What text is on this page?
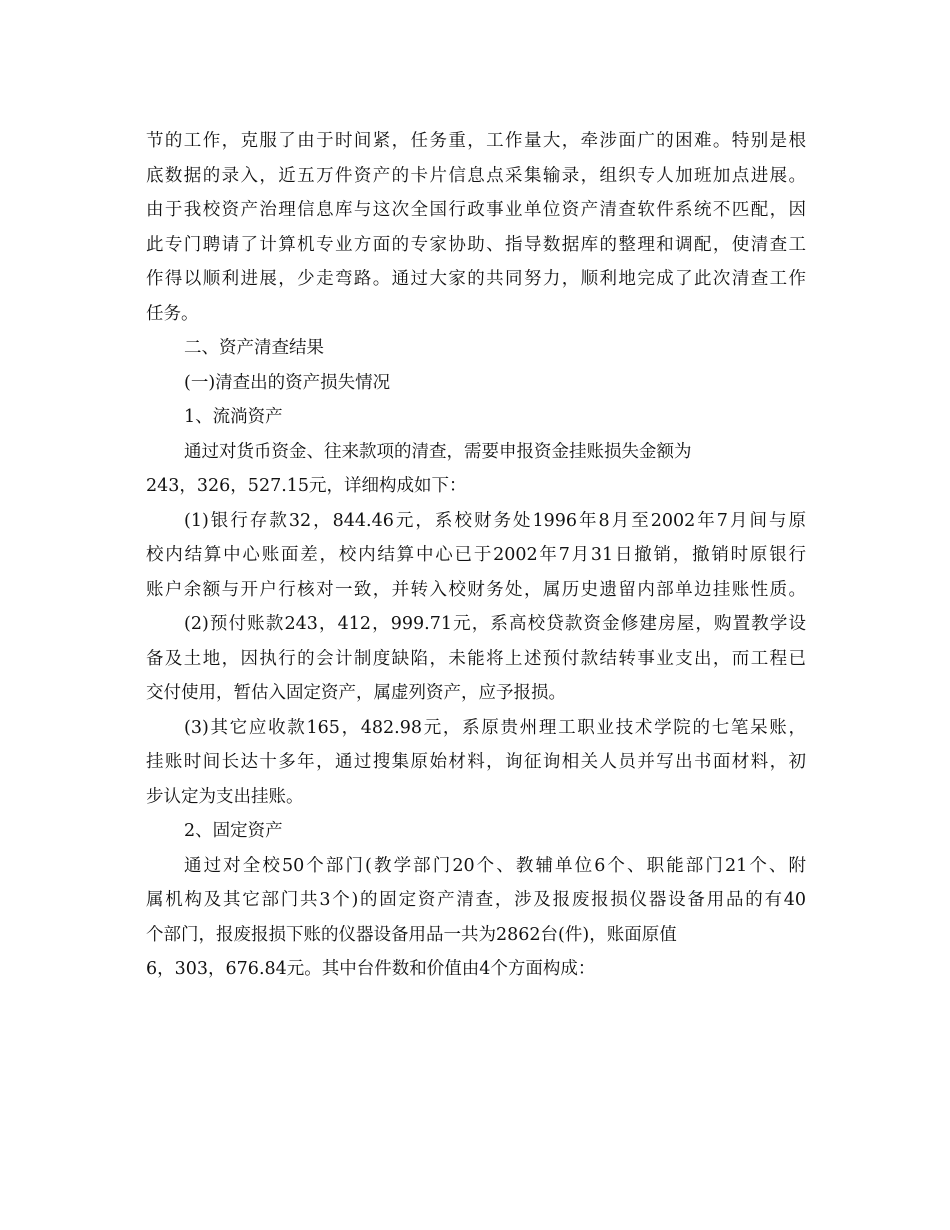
节的工作，克服了由于时间紧，任务重，工作量大，牵涉面广的困难。特别是根
底数据的录入，近五万件资产的卡片信息点采集输录，组织专人加班加点进展。
由于我校资产治理信息库与这次全国行政事业单位资产清查软件系统不匹配，因
此专门聘请了计算机专业方面的专家协助、指导数据库的整理和调配，使清查工
作得以顺利进展，少走弯路。通过大家的共同努力，顺利地完成了此次清查工作
任务。
二、资产清查结果
(一)清查出的资产损失情况
1、流淌资产
通过对货币资金、往来款项的清查，需要申报资金挂账损失金额为
243，326，527.15元，详细构成如下：
(1)银行存款32，844.46元，系校财务处1996年8月至2002年7月间与原
校内结算中心账面差，校内结算中心已于2002年7月31日撤销，撤销时原银行
账户余额与开户行核对一致，并转入校财务处，属历史遗留内部单边挂账性质。
(2)预付账款243，412，999.71元，系高校贷款资金修建房屋，购置教学设
备及土地，因执行的会计制度缺陷，未能将上述预付款结转事业支出，而工程已
交付使用，暂估入固定资产，属虚列资产，应予报损。
(3)其它应收款165，482.98元，系原贵州理工职业技术学院的七笔呆账，
挂账时间长达十多年，通过搜集原始材料，询征询相关人员并写出书面材料，初
步认定为支出挂账。
2、固定资产
通过对全校50个部门(教学部门20个、教辅单位6个、职能部门21个、附
属机构及其它部门共3个)的固定资产清查，涉及报废报损仪器设备用品的有40
个部门，报废报损下账的仪器设备用品一共为2862台(件)，账面原值
6，303，676.84元。其中台件数和价值由4个方面构成：
